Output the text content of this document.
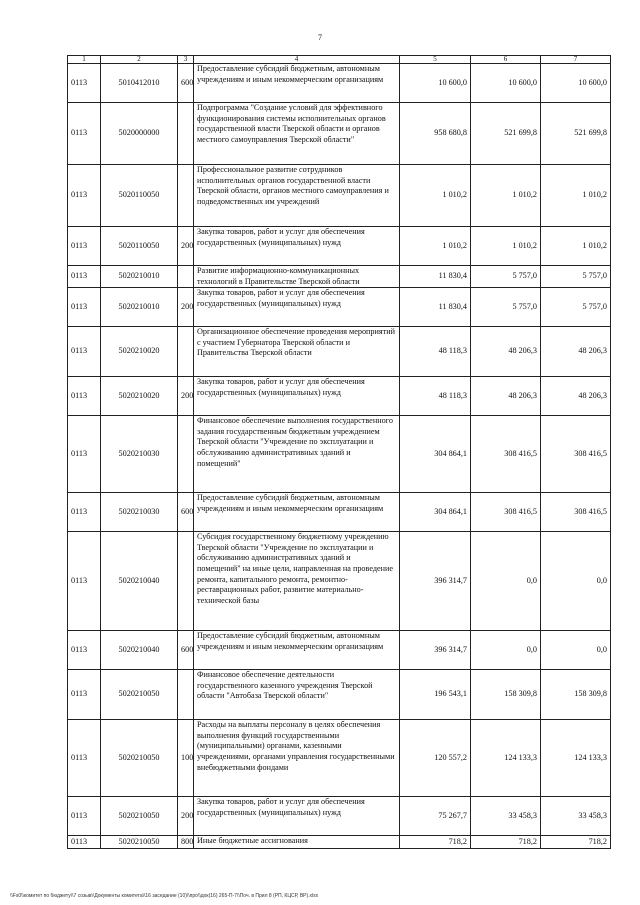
7
1	2	3	4	5	6	7
0113	5010412010	600	Предоставление субсидий бюджетным, автономным учреждениям и иным некоммерческим организациям	10 600,0	10 600,0	10 600,0
0113	5020000000		Подпрограмма "Создание условий для эффективного функционирования системы исполнительных органов государственной власти Тверской области и органов местного самоуправления Тверской области"	958 680,8	521 699,8	521 699,8
0113	5020110050		Профессиональное развитие сотрудников исполнительных органов государственной власти Тверской области, органов местного самоуправления и подведомственных им учреждений	1 010,2	1 010,2	1 010,2
0113	5020110050	200	Закупка товаров, работ и услуг для обеспечения государственных (муниципальных) нужд	1 010,2	1 010,2	1 010,2
0113	5020210010		Развитие информационно-коммуникационных технологий в Правительстве Тверской области	11 830,4	5 757,0	5 757,0
0113	5020210010	200	Закупка товаров, работ и услуг для обеспечения государственных (муниципальных) нужд	11 830,4	5 757,0	5 757,0
0113	5020210020		Организационное обеспечение проведения мероприятий с участием Губернатора Тверской области и Правительства Тверской области	48 118,3	48 206,3	48 206,3
0113	5020210020	200	Закупка товаров, работ и услуг для обеспечения государственных (муниципальных) нужд	48 118,3	48 206,3	48 206,3
0113	5020210030		Финансовое обеспечение выполнения государственного задания государственным бюджетным учреждением Тверской области "Учреждение по эксплуатации и обслуживанию административных зданий и помещений"	304 864,1	308 416,5	308 416,5
0113	5020210030	600	Предоставление субсидий бюджетным, автономным учреждениям и иным некоммерческим организациям	304 864,1	308 416,5	308 416,5
0113	5020210040		Субсидия государственному бюджетному учреждению Тверской области "Учреждение по эксплуатации и обслуживанию административных зданий и помещений" на иные цели, направленная на проведение ремонта, капитального ремонта, ремонтно-реставрационных работ, развитие материально-технической базы	396 314,7	0,0	0,0
0113	5020210040	600	Предоставление субсидий бюджетным, автономным учреждениям и иным некоммерческим организациям	396 314,7	0,0	0,0
0113	5020210050		Финансовое обеспечение деятельности государственного казенного учреждения Тверской области "Автобаза Тверской области"	196 543,1	158 309,8	158 309,8
0113	5020210050	100	Расходы на выплаты персоналу в целях обеспечения выполнения функций государственными (муниципальными) органами, казенными учреждениями, органами управления государственными внебюджетными фондами	120 557,2	124 133,3	124 133,3
0113	5020210050	200	Закупка товаров, работ и услуг для обеспечения государственных (муниципальных) нужд	75 267,7	33 458,3	33 458,3
0113	5020210050	800	Иные бюджетные ассигнования	718,2	718,2	718,2
\\Fs0\\комитет по бюджету\\7 созыв\\Документы комитета\\16 заседание (10)\\про\\док(16) 265-П-7\\Поч. в Прил 8 (РП, КЦСР, ВР).xlsx
